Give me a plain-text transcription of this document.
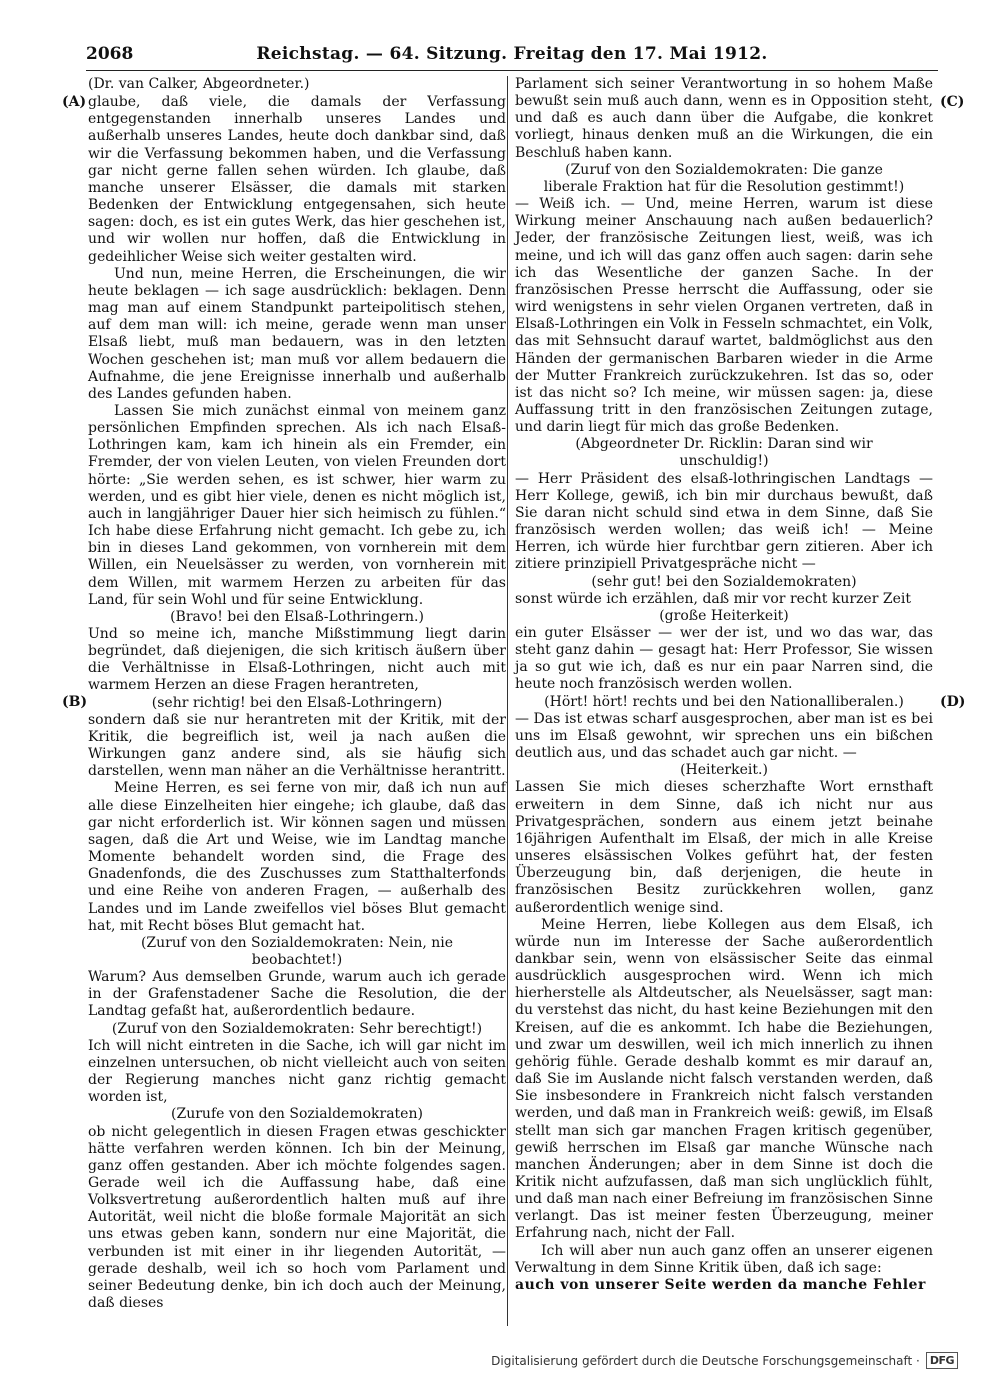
2068	Reichstag. — 64. Sitzung. Freitag den 17. Mai 1912.
(A)	(C)
(B)	(D)
(Dr. van Calker, Abgeordneter.)

glaube, daß viele, die damals der Verfassung entgegenstanden innerhalb unseres Landes und außerhalb unseres Landes, heute doch dankbar sind, daß wir die Verfassung bekommen haben, und die Verfassung gar nicht gerne fallen sehen würden. Ich glaube, daß manche unserer Elsässer, die damals mit starken Bedenken der Entwicklung entgegensahen, sich heute sagen: doch, es ist ein gutes Werk, das hier geschehen ist, und wir wollen nur hoffen, daß die Entwicklung in gedeihlicher Weise sich weiter gestalten wird.

Und nun, meine Herren, die Erscheinungen, die wir heute beklagen — ich sage ausdrücklich: beklagen. Denn mag man auf einem Standpunkt parteipolitisch stehen, auf dem man will: ich meine, gerade wenn man unser Elsaß liebt, muß man bedauern, was in den letzten Wochen geschehen ist; man muß vor allem bedauern die Aufnahme, die jene Ereignisse innerhalb und außerhalb des Landes gefunden haben.

Lassen Sie mich zunächst einmal von meinem ganz persönlichen Empfinden sprechen. Als ich nach Elsaß-Lothringen kam, kam ich hinein als ein Fremder, ein Fremder, der von vielen Leuten, von vielen Freunden dort hörte: „Sie werden sehen, es ist schwer, hier warm zu werden, und es gibt hier viele, denen es nicht möglich ist, auch in langjähriger Dauer hier sich heimisch zu fühlen.“ Ich habe diese Erfahrung nicht gemacht. Ich gebe zu, ich bin in dieses Land gekommen, von vornherein mit dem Willen, ein Neuelsässer zu werden, von vornherein mit dem Willen, mit warmem Herzen zu arbeiten für das Land, für sein Wohl und für seine Entwicklung.

(Bravo! bei den Elsaß-Lothringern.)

Und so meine ich, manche Mißstimmung liegt darin begründet, daß diejenigen, die sich kritisch äußern über die Verhältnisse in Elsaß-Lothringen, nicht auch mit warmem Herzen an diese Fragen herantreten,

(sehr richtig! bei den Elsaß-Lothringern)

sondern daß sie nur herantreten mit der Kritik, mit der Kritik, die begreiflich ist, weil ja nach außen die Wirkungen ganz andere sind, als sie häufig sich darstellen, wenn man näher an die Verhältnisse herantritt.

Meine Herren, es sei ferne von mir, daß ich nun auf alle diese Einzelheiten hier eingehe; ich glaube, daß das gar nicht erforderlich ist. Wir können sagen und müssen sagen, daß die Art und Weise, wie im Landtag manche Momente behandelt worden sind, die Frage des Gnadenfonds, die des Zuschusses zum Statthalterfonds und eine Reihe von anderen Fragen, — außerhalb des Landes und im Lande zweifellos viel böses Blut gemacht hat, mit Recht böses Blut gemacht hat.

(Zuruf von den Sozialdemokraten: Nein, nie beobachtet!)

Warum? Aus demselben Grunde, warum auch ich gerade in der Grafenstadener Sache die Resolution, die der Landtag gefaßt hat, außerordentlich bedaure.

(Zuruf von den Sozialdemokraten: Sehr berechtigt!)

Ich will nicht eintreten in die Sache, ich will gar nicht im einzelnen untersuchen, ob nicht vielleicht auch von seiten der Regierung manches nicht ganz richtig gemacht worden ist,

(Zurufe von den Sozialdemokraten)

ob nicht gelegentlich in diesen Fragen etwas geschickter hätte verfahren werden können. Ich bin der Meinung, ganz offen gestanden. Aber ich möchte folgendes sagen. Gerade weil ich die Auffassung habe, daß eine Volksvertretung außerordentlich halten muß auf ihre Autorität, weil nicht die bloße formale Majorität an sich uns etwas geben kann, sondern nur eine Majorität, die verbunden ist mit einer in ihr liegenden Autorität, — gerade deshalb, weil ich so hoch vom Parlament und seiner Bedeutung denke, bin ich doch auch der Meinung, daß dieses

Parlament sich seiner Verantwortung in so hohem Maße bewußt sein muß auch dann, wenn es in Opposition steht, und daß es auch dann über die Aufgabe, die konkret vorliegt, hinaus denken muß an die Wirkungen, die ein Beschluß haben kann.

(Zuruf von den Sozialdemokraten: Die ganze liberale Fraktion hat für die Resolution gestimmt!)

— Weiß ich. — Und, meine Herren, warum ist diese Wirkung meiner Anschauung nach außen bedauerlich? Jeder, der französische Zeitungen liest, weiß, was ich meine, und ich will das ganz offen auch sagen: darin sehe ich das Wesentliche der ganzen Sache. In der französischen Presse herrscht die Auffassung, oder sie wird wenigstens in sehr vielen Organen vertreten, daß in Elsaß-Lothringen ein Volk in Fesseln schmachtet, ein Volk, das mit Sehnsucht darauf wartet, baldmöglichst aus den Händen der germanischen Barbaren wieder in die Arme der Mutter Frankreich zurückzukehren. Ist das so, oder ist das nicht so? Ich meine, wir müssen sagen: ja, diese Auffassung tritt in den französischen Zeitungen zutage, und darin liegt für mich das große Bedenken.

(Abgeordneter Dr. Ricklin: Daran sind wir unschuldig!)

— Herr Präsident des elsaß-lothringischen Landtags — Herr Kollege, gewiß, ich bin mir durchaus bewußt, daß Sie daran nicht schuld sind etwa in dem Sinne, daß Sie französisch werden wollen; das weiß ich! — Meine Herren, ich würde hier furchtbar gern zitieren. Aber ich zitiere prinzipiell Privatgespräche nicht —

(sehr gut! bei den Sozialdemokraten)

sonst würde ich erzählen, daß mir vor recht kurzer Zeit

(große Heiterkeit)

ein guter Elsässer — wer der ist, und wo das war, das steht ganz dahin — gesagt hat: Herr Professor, Sie wissen ja so gut wie ich, daß es nur ein paar Narren sind, die heute noch französisch werden wollen.

(Hört! hört! rechts und bei den Nationalliberalen.)

— Das ist etwas scharf ausgesprochen, aber man ist es bei uns im Elsaß gewohnt, wir sprechen uns ein bißchen deutlich aus, und das schadet auch gar nicht. —

(Heiterkeit.)

Lassen Sie mich dieses scherzhafte Wort ernsthaft erweitern in dem Sinne, daß ich nicht nur aus Privatgesprächen, sondern aus einem jetzt beinahe 16jährigen Aufenthalt im Elsaß, der mich in alle Kreise unseres elsässischen Volkes geführt hat, der festen Überzeugung bin, daß derjenigen, die heute in französischen Besitz zurückkehren wollen, ganz außerordentlich wenige sind.

Meine Herren, liebe Kollegen aus dem Elsaß, ich würde nun im Interesse der Sache außerordentlich dankbar sein, wenn von elsässischer Seite das einmal ausdrücklich ausgesprochen wird. Wenn ich mich hierherstelle als Altdeutscher, als Neuelsässer, sagt man: du verstehst das nicht, du hast keine Beziehungen mit den Kreisen, auf die es ankommt. Ich habe die Beziehungen, und zwar um deswillen, weil ich mich innerlich zu ihnen gehörig fühle. Gerade deshalb kommt es mir darauf an, daß Sie im Auslande nicht falsch verstanden werden, daß Sie insbesondere in Frankreich nicht falsch verstanden werden, und daß man in Frankreich weiß: gewiß, im Elsaß stellt man sich gar manchen Fragen kritisch gegenüber, gewiß herrschen im Elsaß gar manche Wünsche nach manchen Änderungen; aber in dem Sinne ist doch die Kritik nicht aufzufassen, daß man sich unglücklich fühlt, und daß man nach einer Befreiung im französischen Sinne verlangt. Das ist meiner festen Überzeugung, meiner Erfahrung nach, nicht der Fall.

Ich will aber nun auch ganz offen an unserer eigenen Verwaltung in dem Sinne Kritik üben, daß ich sage:

auch von unserer Seite werden da manche Fehler

Digitalisierung gefördert durch die Deutsche Forschungsgemeinschaft · DFG
